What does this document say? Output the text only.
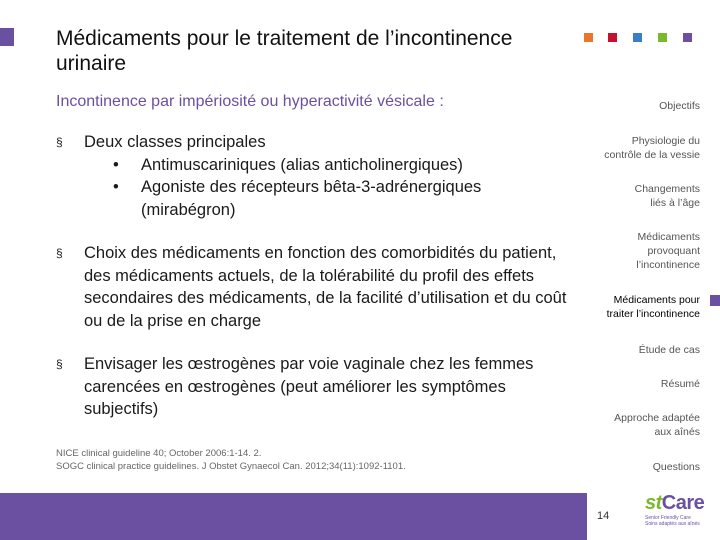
Médicaments pour le traitement de l’incontinence urinaire
Incontinence par impériosité ou hyperactivité vésicale :
§ Deux classes principales
• Antimuscariniques (alias anticholinergiques)
• Agoniste des récepteurs bêta-3-adrénergiques (mirabégron)
§ Choix des médicaments en fonction des comorbidités du patient, des médicaments actuels, de la tolérabilité du profil des effets secondaires des médicaments, de la facilité d’utilisation et du coût ou de la prise en charge
§ Envisager les œstrogènes par voie vaginale chez les femmes carencées en œstrogènes (peut améliorer les symptômes subjectifs)
NICE clinical guideline 40; October 2006:1-14. 2.
SOGC clinical practice guidelines. J Obstet Gynaecol Can. 2012;34(11):1092-1101.
Objectifs
Physiologie du contrôle de la vessie
Changements liés à l’âge
Médicaments provoquant l’incontinence
Médicaments pour traiter l’incontinence
Étude de cas
Résumé
Approche adaptée aux aînés
Questions
14
stCare
Senior Friendly Care
Soins adaptés aux aînés
